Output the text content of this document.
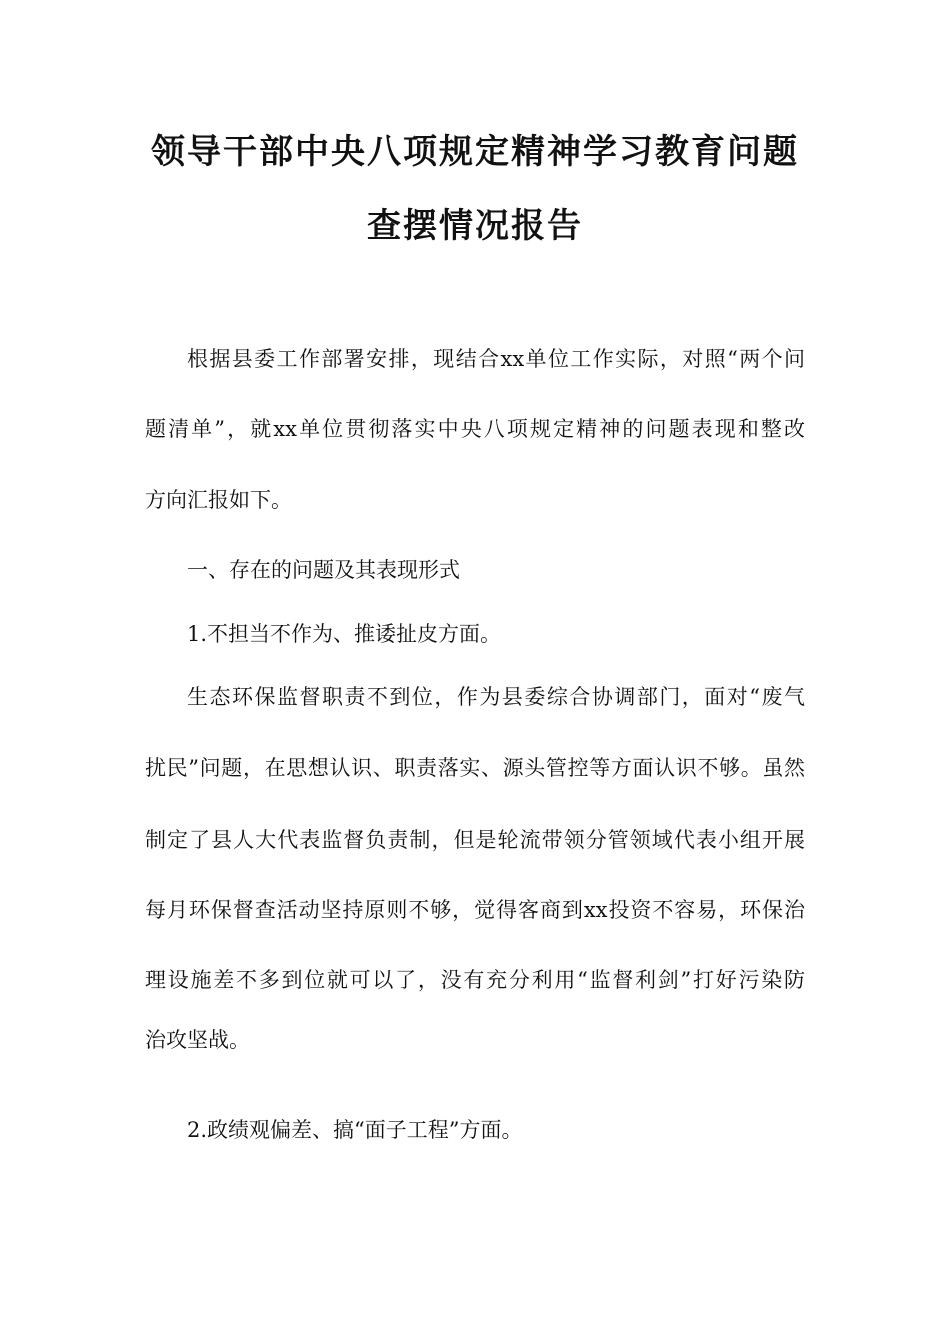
领导干部中央八项规定精神学习教育问题
查摆情况报告
根据县委工作部署安排，现结合xx单位工作实际，对照“两个问
题清单”，就xx单位贯彻落实中央八项规定精神的问题表现和整改
方向汇报如下。
一、存在的问题及其表现形式
1.不担当不作为、推诿扯皮方面。
生态环保监督职责不到位，作为县委综合协调部门，面对“废气
扰民”问题，在思想认识、职责落实、源头管控等方面认识不够。虽然
制定了县人大代表监督负责制，但是轮流带领分管领域代表小组开展
每月环保督查活动坚持原则不够，觉得客商到xx投资不容易，环保治
理设施差不多到位就可以了，没有充分利用“监督利剑”打好污染防
治攻坚战。
2.政绩观偏差、搞“面子工程”方面。
